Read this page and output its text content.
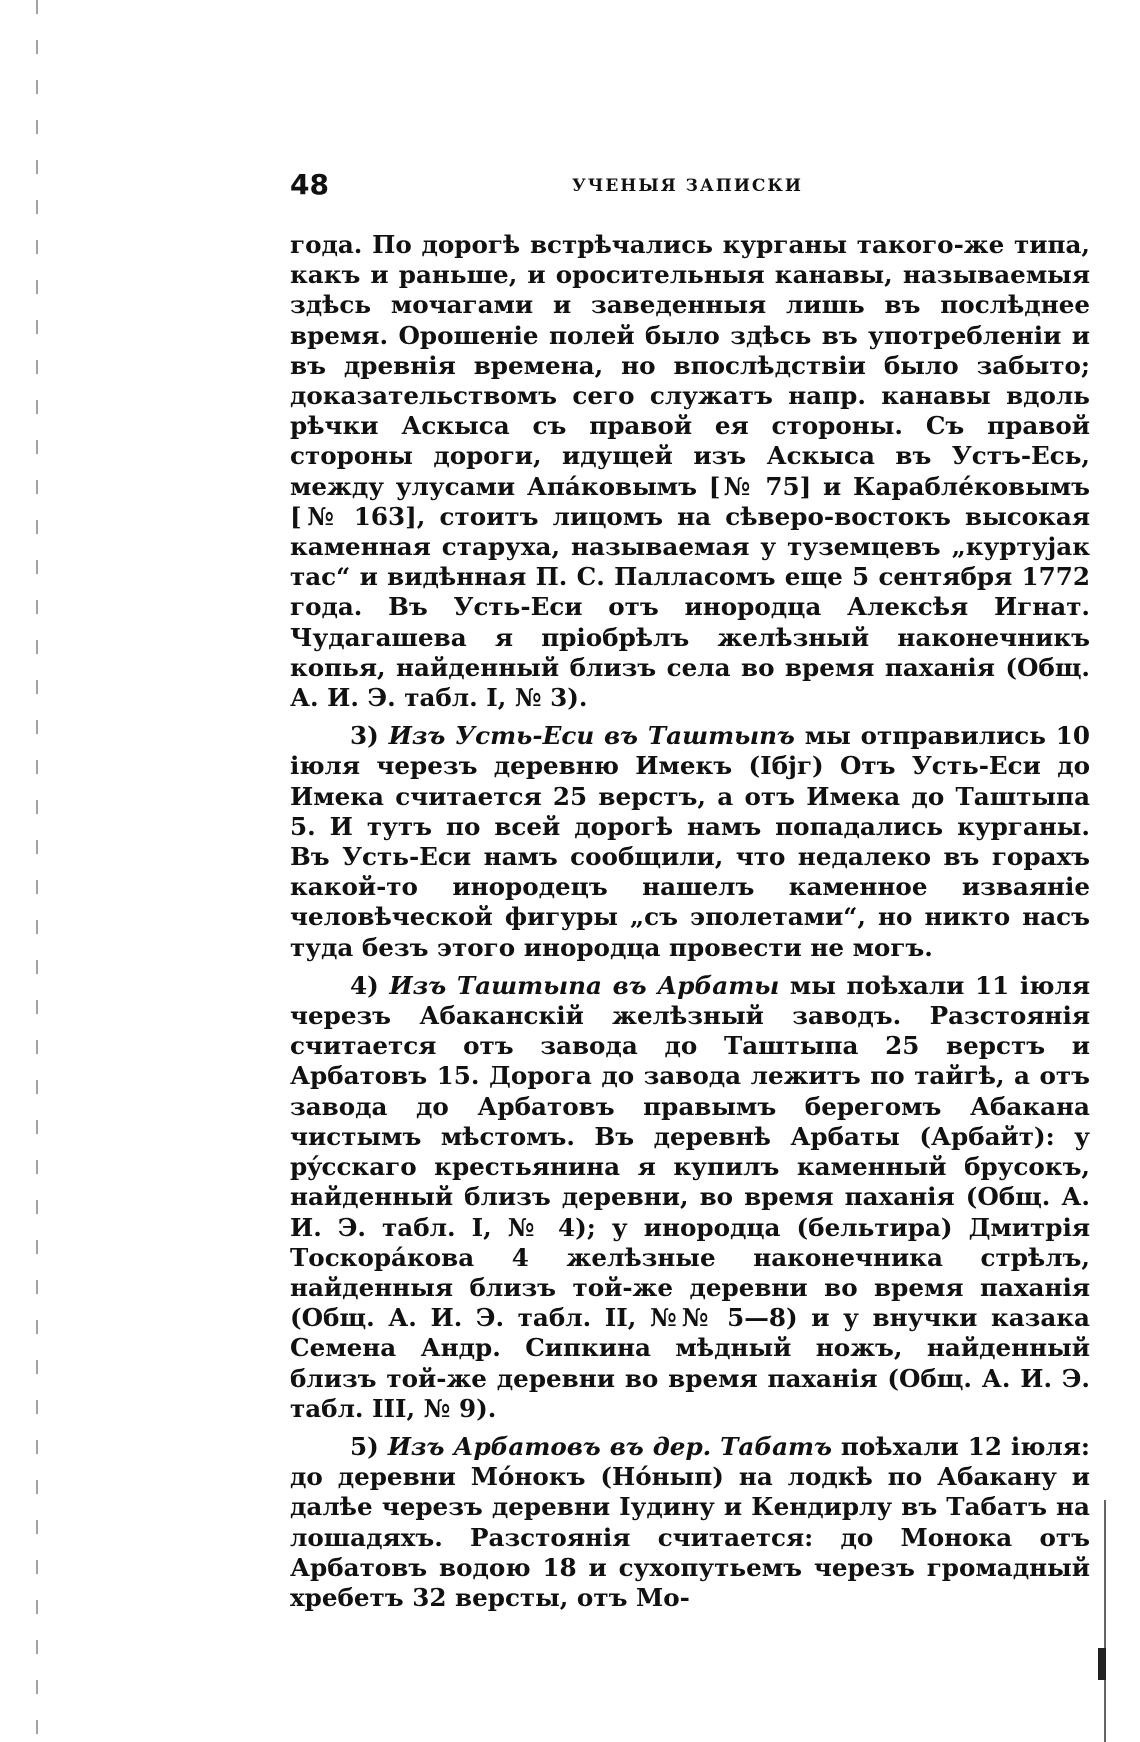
48	УЧЕНЫЯ ЗАПИСКИ

года. По дорогѣ встрѣчались курганы такого-же типа, какъ и раньше, и оросительныя канавы, называемыя здѣсь мочагами и заведенныя лишь въ послѣднее время. Орошеніе полей было здѣсь въ употребленіи и въ древнія времена, но впослѣдствіи было забыто; доказательствомъ сего служатъ напр. канавы вдоль рѣчки Аскыса съ правой ея стороны. Съ правой стороны дороги, идущей изъ Аскыса въ Устъ-Есь, между улусами Апа́ковымъ [№ 75] и Караблéковымъ [№ 163], стоитъ лицомъ на сѣверо-востокъ высокая каменная старуха, называемая у туземцевъ „куртуjак тас“ и видѣнная П. С. Палласомъ еще 5 сентября 1772 года. Въ Усть-Еси отъ инородца Алексѣя Игнат. Чудагашева я пріобрѣлъ желѣзный наконечникъ копья, найденный близъ села во время паханія (Общ. А. И. Э. табл. I, № 3).

3) Изъ Усть-Еси въ Таштыпъ мы отправились 10 іюля черезъ деревню Имекъ (Iбjг) Отъ Усть-Еси до Имека считается 25 верстъ, а отъ Имека до Таштыпа 5. И тутъ по всей дорогѣ намъ попадались курганы. Въ Усть-Еси намъ сообщили, что недалеко въ горахъ какой-то инородецъ нашелъ каменное изваяніе человѣческой фигуры „съ эполетами“, но никто насъ туда безъ этого инородца провести не могъ.

4) Изъ Таштыпа въ Арбаты мы поѣхали 11 іюля черезъ Абаканскій желѣзный заводъ. Разстоянія считается отъ завода до Таштыпа 25 верстъ и Арбатовъ 15. Дорога до завода лежитъ по тайгѣ, а отъ завода до Арбатовъ правымъ берегомъ Абакана чистымъ мѣстомъ. Въ деревнѣ Арбаты (Арбайт): у рýсскаго крестьянина я купилъ каменный брусокъ, найденный близъ деревни, во время паханія (Общ. А. И. Э. табл. I, № 4); у инородца (бельтира) Дмитрія Тоскора́кова 4 желѣзные наконечника стрѣлъ, найденныя близъ той-же деревни во время паханія (Общ. А. И. Э. табл. II, №№ 5—8) и у внучки казака Семена Андр. Сипкина мѣдный ножъ, найденный близъ той-же деревни во время паханія (Общ. А. И. Э. табл. III, № 9).

5) Изъ Арбатовъ въ дер. Табатъ поѣхали 12 іюля: до деревни Мóнокъ (Нóнып) на лодкѣ по Абакану и далѣе черезъ деревни Iудину и Кендирлу въ Табатъ на лошадяхъ. Разстоянія считается: до Монока отъ Арбатовъ водою 18 и сухопутьемъ черезъ громадный хребетъ 32 версты, отъ Мо-
